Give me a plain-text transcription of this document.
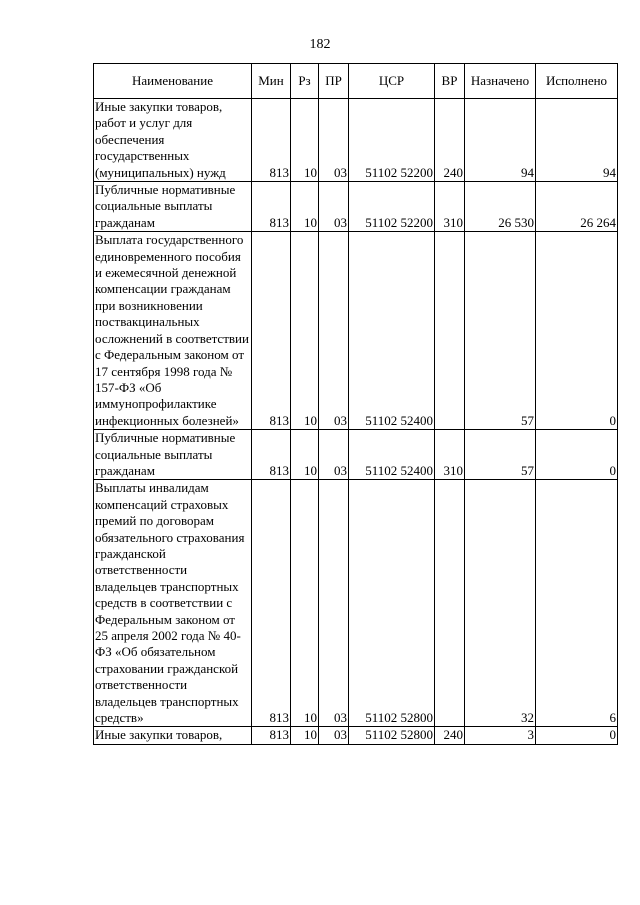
182
Наименование	Мин	Рз	ПР	ЦСР	ВР	Назначено	Исполнено
Иные закупки товаров, работ и услуг для обеспечения государственных (муниципальных) нужд	813	10	03	51102 52200	240	94	94
Публичные нормативные социальные выплаты гражданам	813	10	03	51102 52200	310	26 530	26 264
Выплата государственного единовременного пособия и ежемесячной денежной компенсации гражданам при возникновении поствакцинальных осложнений в соответствии с Федеральным законом от 17 сентября 1998 года № 157-ФЗ «Об иммунопрофилактике инфекционных болезней»	813	10	03	51102 52400		57	0
Публичные нормативные социальные выплаты гражданам	813	10	03	51102 52400	310	57	0
Выплаты инвалидам компенсаций страховых премий по договорам обязательного страхования гражданской ответственности владельцев транспортных средств в соответствии с Федеральным законом от 25 апреля 2002 года № 40-ФЗ «Об обязательном страховании гражданской ответственности владельцев транспортных средств»	813	10	03	51102 52800		32	6
Иные закупки товаров,	813	10	03	51102 52800	240	3	0
